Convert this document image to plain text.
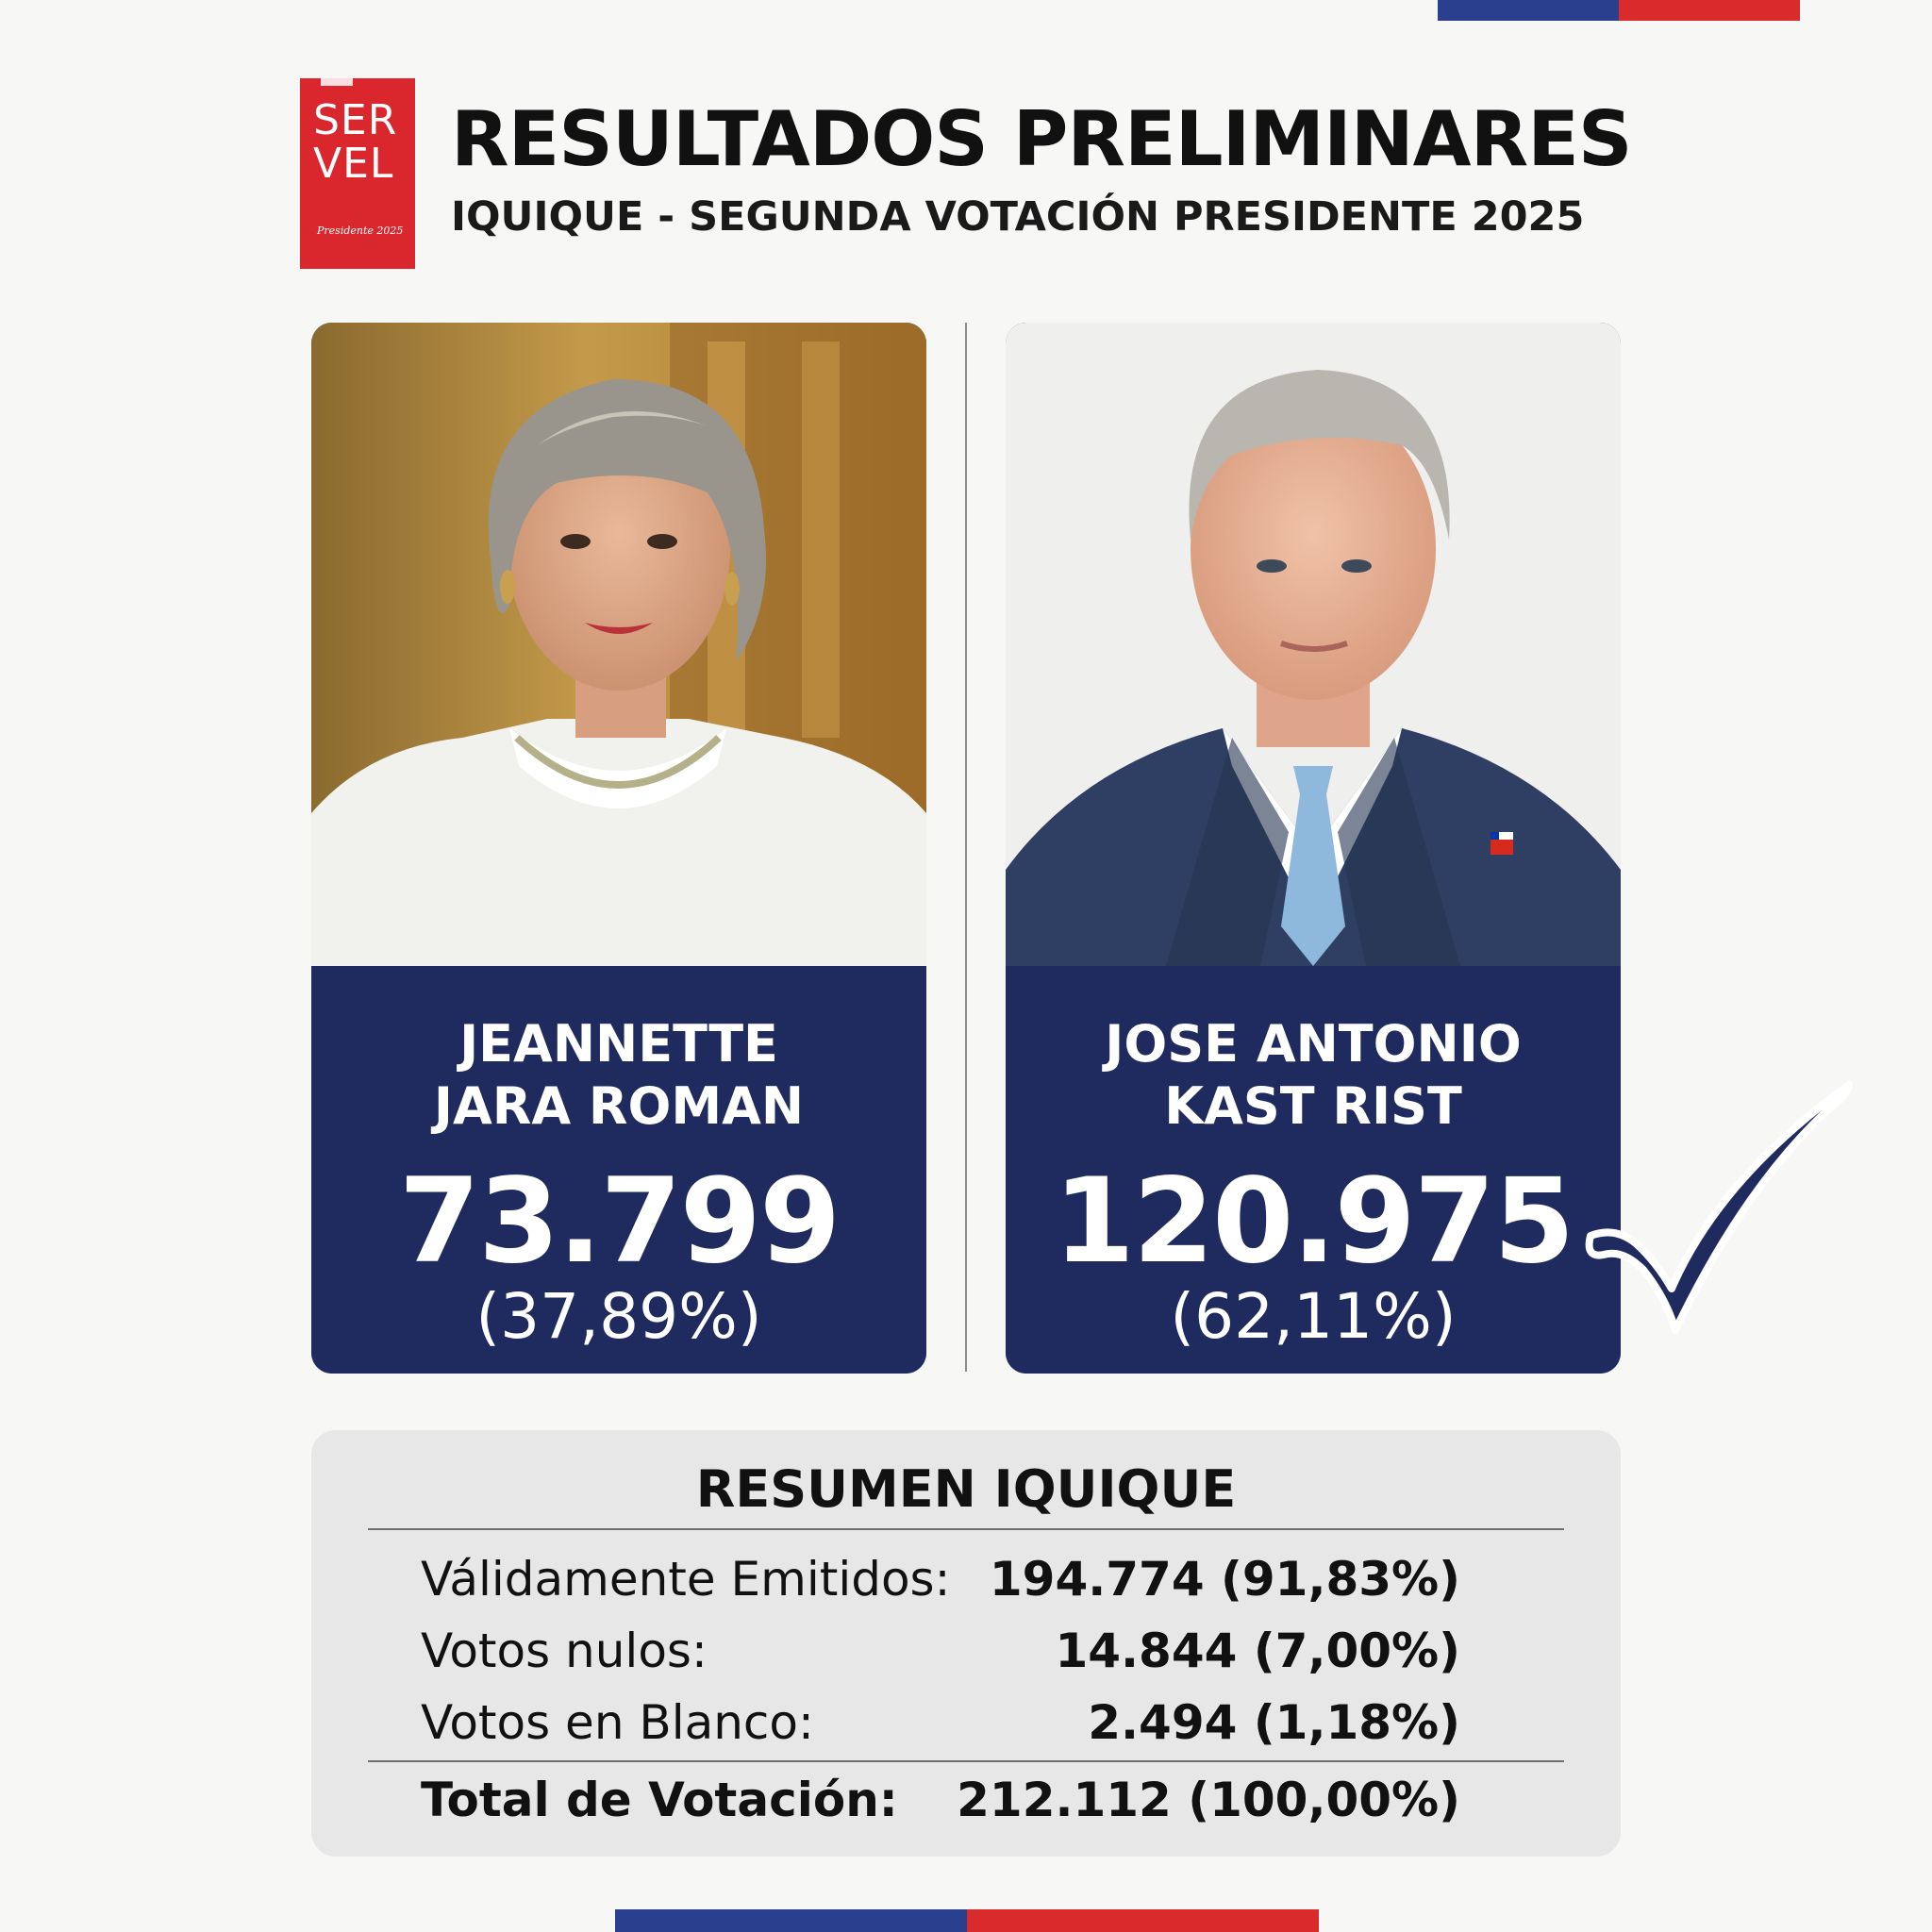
SER
VEL
Presidente 2025
RESULTADOS PRELIMINARES
IQUIQUE - SEGUNDA VOTACIÓN PRESIDENTE 2025
JEANNETTE
JARA ROMAN
73.799
(37,89%)
JOSE ANTONIO
KAST RIST
120.975
(62,11%)
RESUMEN IQUIQUE
Válidamente Emitidos: 194.774 (91,83%)
Votos nulos:	14.844 (7,00%)
Votos en Blanco:	2.494 (1,18%)
Total de Votación: 212.112 (100,00%)
